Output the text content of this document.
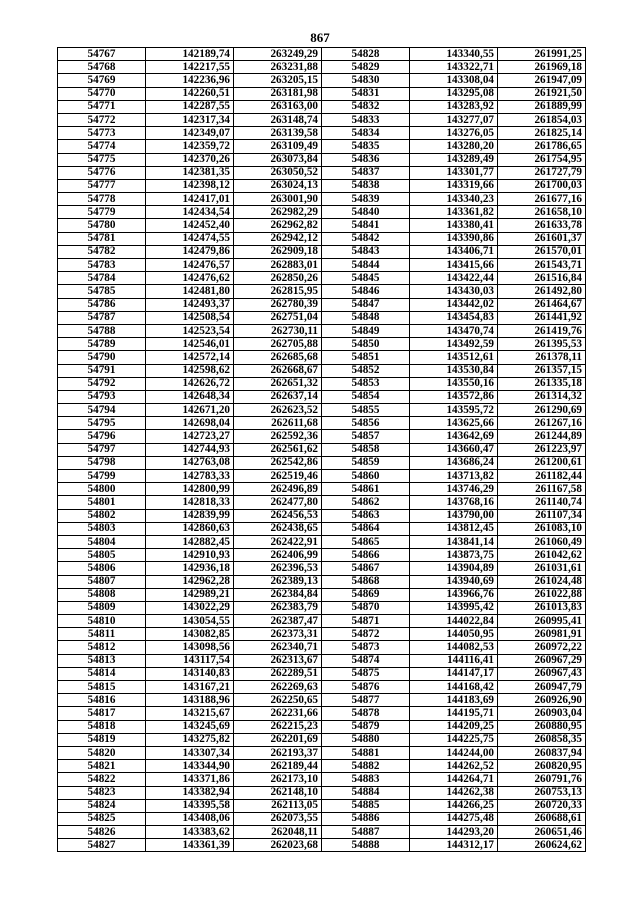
867
54767	142189,74	263249,29	54828	143340,55	261991,25
54768	142217,55	263231,88	54829	143322,71	261969,18
54769	142236,96	263205,15	54830	143308,04	261947,09
54770	142260,51	263181,98	54831	143295,08	261921,50
54771	142287,55	263163,00	54832	143283,92	261889,99
54772	142317,34	263148,74	54833	143277,07	261854,03
54773	142349,07	263139,58	54834	143276,05	261825,14
54774	142359,72	263109,49	54835	143280,20	261786,65
54775	142370,26	263073,84	54836	143289,49	261754,95
54776	142381,35	263050,52	54837	143301,77	261727,79
54777	142398,12	263024,13	54838	143319,66	261700,03
54778	142417,01	263001,90	54839	143340,23	261677,16
54779	142434,54	262982,29	54840	143361,82	261658,10
54780	142452,40	262962,82	54841	143380,41	261633,78
54781	142474,55	262942,12	54842	143390,86	261601,37
54782	142479,86	262909,18	54843	143406,71	261570,01
54783	142476,57	262883,01	54844	143415,66	261543,71
54784	142476,62	262850,26	54845	143422,44	261516,84
54785	142481,80	262815,95	54846	143430,03	261492,80
54786	142493,37	262780,39	54847	143442,02	261464,67
54787	142508,54	262751,04	54848	143454,83	261441,92
54788	142523,54	262730,11	54849	143470,74	261419,76
54789	142546,01	262705,88	54850	143492,59	261395,53
54790	142572,14	262685,68	54851	143512,61	261378,11
54791	142598,62	262668,67	54852	143530,84	261357,15
54792	142626,72	262651,32	54853	143550,16	261335,18
54793	142648,34	262637,14	54854	143572,86	261314,32
54794	142671,20	262623,52	54855	143595,72	261290,69
54795	142698,04	262611,68	54856	143625,66	261267,16
54796	142723,27	262592,36	54857	143642,69	261244,89
54797	142744,93	262561,62	54858	143660,47	261223,97
54798	142763,08	262542,86	54859	143686,24	261200,61
54799	142783,33	262519,46	54860	143713,82	261182,44
54800	142800,99	262496,89	54861	143746,29	261167,58
54801	142818,33	262477,80	54862	143768,16	261140,74
54802	142839,99	262456,53	54863	143790,00	261107,34
54803	142860,63	262438,65	54864	143812,45	261083,10
54804	142882,45	262422,91	54865	143841,14	261060,49
54805	142910,93	262406,99	54866	143873,75	261042,62
54806	142936,18	262396,53	54867	143904,89	261031,61
54807	142962,28	262389,13	54868	143940,69	261024,48
54808	142989,21	262384,84	54869	143966,76	261022,88
54809	143022,29	262383,79	54870	143995,42	261013,83
54810	143054,55	262387,47	54871	144022,84	260995,41
54811	143082,85	262373,31	54872	144050,95	260981,91
54812	143098,56	262340,71	54873	144082,53	260972,22
54813	143117,54	262313,67	54874	144116,41	260967,29
54814	143140,83	262289,51	54875	144147,17	260967,43
54815	143167,21	262269,63	54876	144168,42	260947,79
54816	143188,96	262250,65	54877	144183,69	260926,90
54817	143215,67	262231,66	54878	144195,71	260903,04
54818	143245,69	262215,23	54879	144209,25	260880,95
54819	143275,82	262201,69	54880	144225,75	260858,35
54820	143307,34	262193,37	54881	144244,00	260837,94
54821	143344,90	262189,44	54882	144262,52	260820,95
54822	143371,86	262173,10	54883	144264,71	260791,76
54823	143382,94	262148,10	54884	144262,38	260753,13
54824	143395,58	262113,05	54885	144266,25	260720,33
54825	143408,06	262073,55	54886	144275,48	260688,61
54826	143383,62	262048,11	54887	144293,20	260651,46
54827	143361,39	262023,68	54888	144312,17	260624,62
